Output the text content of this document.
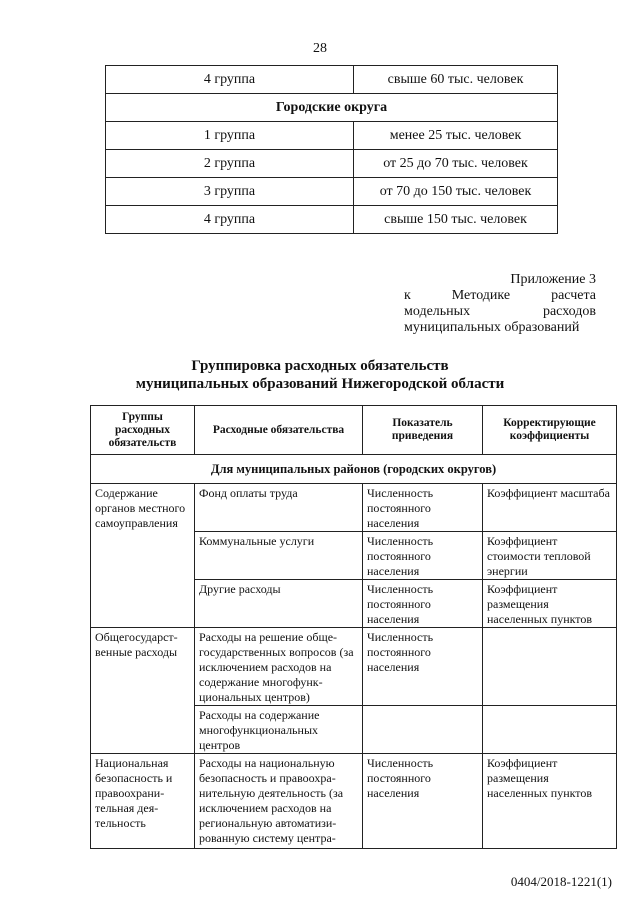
28
4 группа	свыше 60 тыс. человек
Городские округа	
1 группа	менее 25 тыс. человек
2 группа	от 25 до 70 тыс. человек
3 группа	от 70 до 150 тыс. человек
4 группа	свыше 150 тыс. человек
Приложение 3
к	Методике	расчета
модельных	расходов
муниципальных образований
Группировка расходных обязательств
муниципальных образований Нижегородской области
Группы расходных обязательств	Расходные обязательства	Показатель приведения	Корректирующие коэффициенты
Для муниципальных районов (городских округов)			
Содержание органов местного самоуправления	Фонд оплаты труда	Численность постоянного населения	Коэффициент масштаба
	Коммунальные услуги	Численность постоянного населения	Коэффициент стоимости тепловой энергии
	Другие расходы	Численность постоянного населения	Коэффициент размещения населенных пунктов
Общегосударст-венные расходы	Расходы на решение обще-государственных вопросов (за исключением расходов на содержание многофунк-циональных центров)	Численность постоянного населения	
	Расходы на содержание многофункциональных центров		
Национальная безопасность и правоохрани-тельная дея-тельность	Расходы на национальную безопасность и правоохра-нительную деятельность (за исключением расходов на региональную автоматизи-рованную систему центра-	Численность постоянного населения	Коэффициент размещения населенных пунктов
0404/2018-1221(1)
